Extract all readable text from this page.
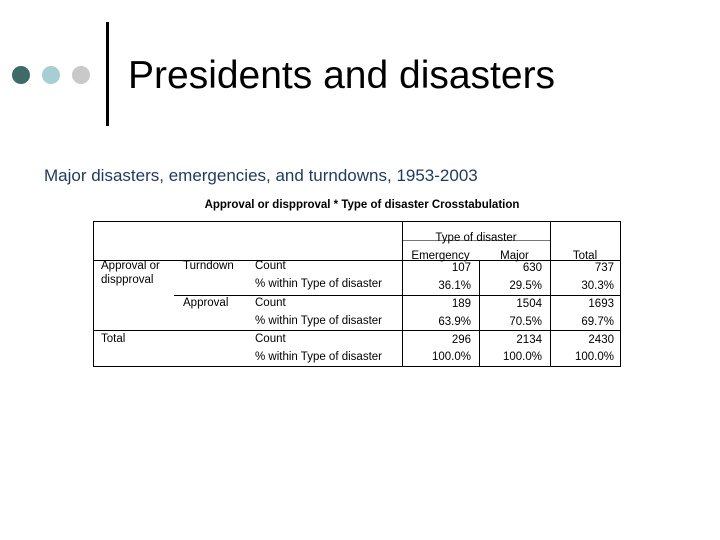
Presidents and disasters
Major disasters, emergencies, and turndowns, 1953-2003
Approval or dispproval * Type of disaster Crosstabulation
Type of disaster
Emergency	Major	Total
Approval or dispproval
Turndown Count	107	630	737
% within Type of disaster	36.1%	29.5%	30.3%
Approval Count	189	1504	1693
% within Type of disaster	63.9%	70.5%	69.7%
Total	Count	296	2134	2430
% within Type of disaster	100.0%	100.0%	100.0%
